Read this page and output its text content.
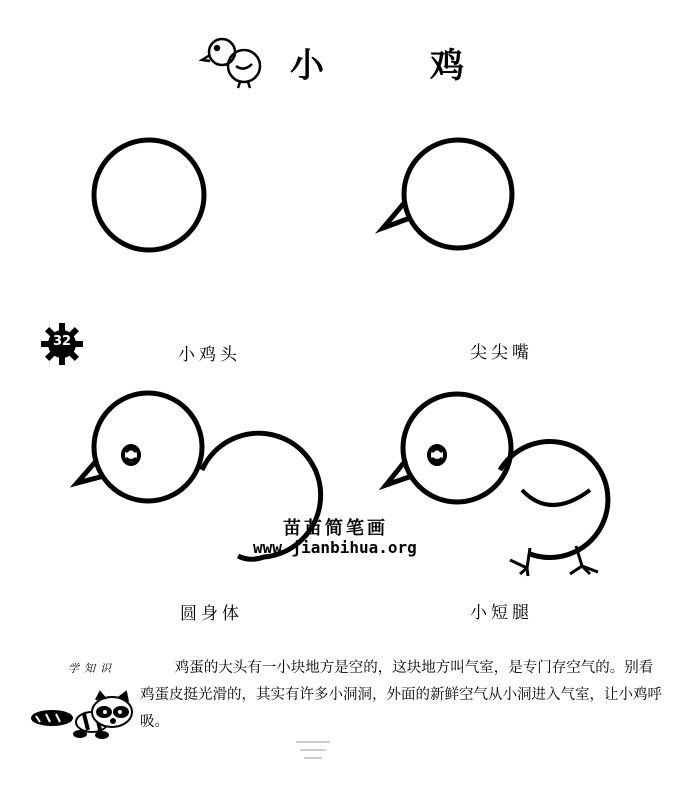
小　鸡
32
小鸡头	尖尖嘴
圆身体	小短腿
苗苗简笔画
www.jianbihua.org
学知识	鸡蛋的大头有一小块地方是空的，这块地方叫气室，是专门存空气的。别看鸡蛋皮挺光滑的，其实有许多小洞洞，外面的新鲜空气从小洞进入气室，让小鸡呼吸。
